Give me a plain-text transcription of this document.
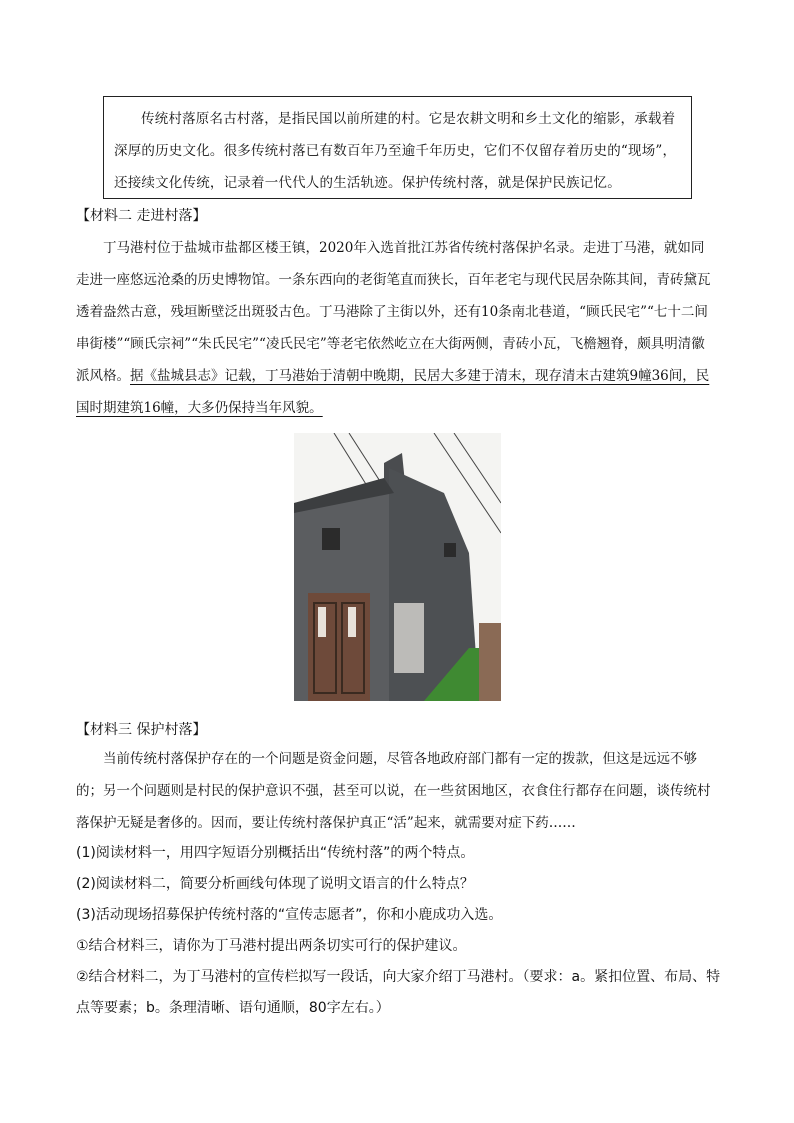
传统村落原名古村落，是指民国以前所建的村。它是农耕文明和乡土文化的缩影，承载着深厚的历史文化。很多传统村落已有数百年乃至逾千年历史，它们不仅留存着历史的“现场”，还接续文化传统，记录着一代代人的生活轨迹。保护传统村落，就是保护民族记忆。

【材料二 走进村落】

丁马港村位于盐城市盐都区楼王镇，2020年入选首批江苏省传统村落保护名录。走进丁马港，就如同走进一座悠远沧桑的历史博物馆。一条东西向的老街笔直而狭长，百年老宅与现代民居杂陈其间，青砖黛瓦透着盎然古意，残垣断壁泛出斑驳古色。丁马港除了主街以外，还有10条南北巷道，“顾氏民宅”“七十二间串街楼”“顾氏宗祠”“朱氏民宅”“凌氏民宅”等老宅依然屹立在大街两侧，青砖小瓦，飞檐翘脊，颇具明清徽派风格。据《盐城县志》记载，丁马港始于清朝中晚期，民居大多建于清末，现存清末古建筑9幢36间，民国时期建筑16幢，大多仍保持当年风貌。

【材料三 保护村落】

当前传统村落保护存在的一个问题是资金问题，尽管各地政府部门都有一定的拨款，但这是远远不够的；另一个问题则是村民的保护意识不强，甚至可以说，在一些贫困地区，衣食住行都存在问题，谈传统村落保护无疑是奢侈的。因而，要让传统村落保护真正“活”起来，就需要对症下药……

(1)阅读材料一，用四字短语分别概括出“传统村落”的两个特点。

(2)阅读材料二，简要分析画线句体现了说明文语言的什么特点？

(3)活动现场招募保护传统村落的“宣传志愿者”，你和小鹿成功入选。

①结合材料三，请你为丁马港村提出两条切实可行的保护建议。

②结合材料二，为丁马港村的宣传栏拟写一段话，向大家介绍丁马港村。（要求：a。紧扣位置、布局、特点等要素；b。条理清晰、语句通顺，80字左右。）
